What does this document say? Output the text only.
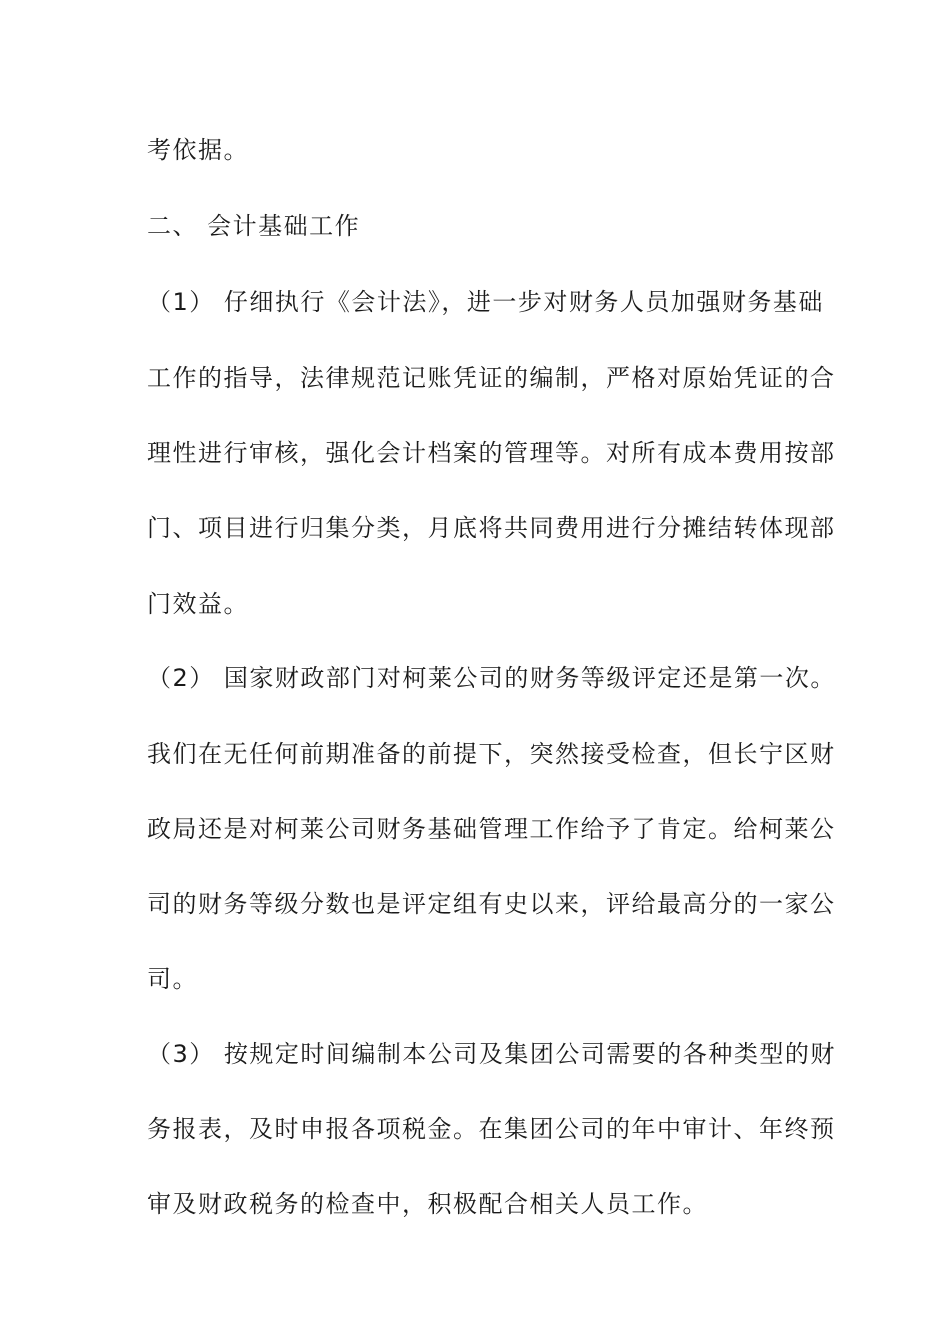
考依据。
二、 会计基础工作
（1） 仔细执行《会计法》，进一步对财务人员加强财务基础
工作的指导，法律规范记账凭证的编制，严格对原始凭证的合
理性进行审核，强化会计档案的管理等。对所有成本费用按部
门、项目进行归集分类，月底将共同费用进行分摊结转体现部
门效益。
（2） 国家财政部门对柯莱公司的财务等级评定还是第一次。
我们在无任何前期准备的前提下，突然接受检查，但长宁区财
政局还是对柯莱公司财务基础管理工作给予了肯定。给柯莱公
司的财务等级分数也是评定组有史以来，评给最高分的一家公
司。
（3） 按规定时间编制本公司及集团公司需要的各种类型的财
务报表，及时申报各项税金。在集团公司的年中审计、年终预
审及财政税务的检查中，积极配合相关人员工作。
